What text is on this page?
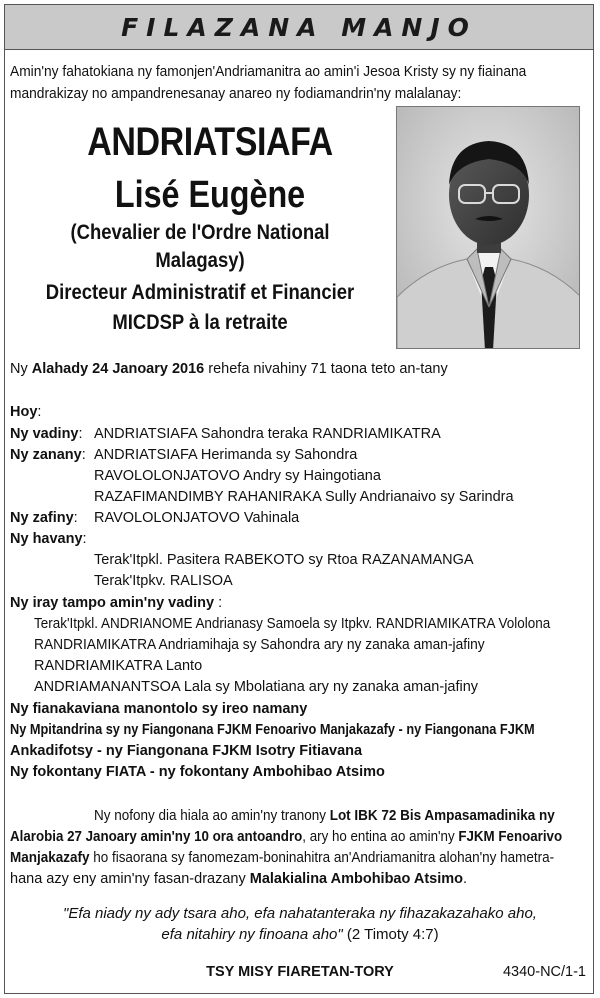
FILAZANA MANJO
Amin'ny fahatokiana ny famonjen'Andriamanitra ao amin'i Jesoa Kristy sy ny fiainana
mandrakizay no ampandrenesanay anareo ny fodiamandrin'ny malalanay:
ANDRIATSIAFA
Lisé Eugène
(Chevalier de l'Ordre National
Malagasy)
Directeur Administratif et Financier
MICDSP à la retraite
Ny Alahady 24 Janoary 2016 rehefa nivahiny 71 taona teto an-tany
Hoy:
Ny vadiny: ANDRIATSIAFA Sahondra teraka RANDRIAMIKATRA
Ny zanany: ANDRIATSIAFA Herimanda sy Sahondra
RAVOLOLONJATOVO Andry sy Haingotiana
RAZAFIMANDIMBY RAHANIRAKA Sully Andrianaivo sy Sarindra
Ny zafiny: RAVOLOLONJATOVO Vahinala
Ny havany:
Terak'Itpkl. Pasitera RABEKOTO sy Rtoa RAZANAMANGA
Terak'Itpkv. RALISOA
Ny iray tampo amin'ny vadiny :
Terak'Itpkl. ANDRIANOME Andrianasy Samoela sy Itpkv. RANDRIAMIKATRA Vololona
RANDRIAMIKATRA Andriamihaja sy Sahondra ary ny zanaka aman-jafiny
RANDRIAMIKATRA Lanto
ANDRIAMANANTSOA Lala sy Mbolatiana ary ny zanaka aman-jafiny
Ny fianakaviana manontolo sy ireo namany
Ny Mpitandrina sy ny Fiangonana FJKM Fenoarivo Manjakazafy - ny Fiangonana FJKM
Ankadifotsy - ny Fiangonana FJKM Isotry Fitiavana
Ny fokontany FIATA - ny fokontany Ambohibao Atsimo
Ny nofony dia hiala ao amin'ny tranony Lot IBK 72 Bis Ampasamadinika ny
Alarobia 27 Janoary amin'ny 10 ora antoandro, ary ho entina ao amin'ny FJKM Fenoarivo
Manjakazafy ho fisaorana sy fanomezam-boninahitra an'Andriamanitra alohan'ny hametra-
hana azy eny amin'ny fasan-drazany Malakialina Ambohibao Atsimo.
"Efa niady ny ady tsara aho, efa nahatanteraka ny fihazakazahako aho,
efa nitahiry ny finoana aho" (2 Timoty 4:7)
TSY MISY FIARETAN-TORY	4340-NC/1-1
